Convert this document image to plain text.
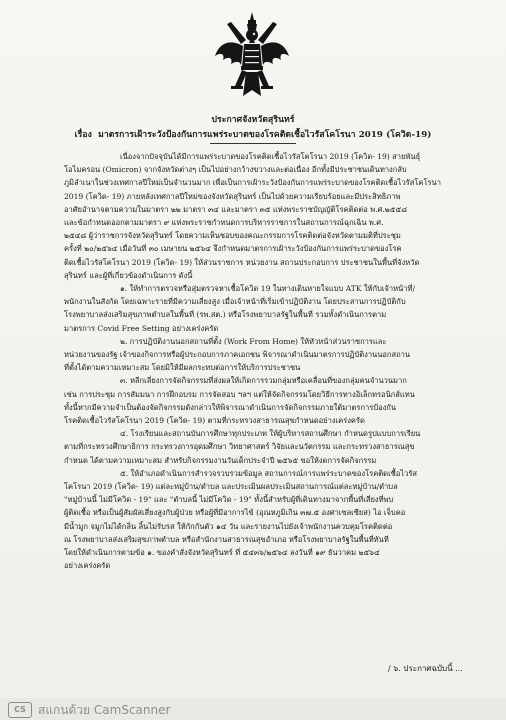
ประกาศจังหวัดสุรินทร์
เรื่อง มาตรการเฝ้าระวังป้องกันการแพร่ระบาดของโรคติดเชื้อไวรัสโคโรนา 2019 (โควิด-19)

เนื่องจากปัจจุบันได้มีการแพร่ระบาดของโรคติดเชื้อไวรัสโคโรนา 2019 (โควิด- 19) สายพันธุ์

โอไมครอน (Omicron) จากจังหวัดต่างๆ เป็นไปอย่างกว้างขวางและต่อเนื่อง อีกทั้งมีประชาชนเดินทางกลับ

ภูมิลำเนาในช่วงเทศกาลปีใหม่เป็นจำนวนมาก เพื่อเป็นการเฝ้าระวังป้องกันการแพร่ระบาดของโรคติดเชื้อไวรัสโคโรนา

2019 (โควิด- 19) ภายหลังเทศกาลปีใหม่ของจังหวัดสุรินทร์ เป็นไปด้วยความเรียบร้อยและมีประสิทธิภาพ

อาศัยอำนาจตามความในมาตรา ๒๒ มาตรา ๓๔ และมาตรา ๓๕ แห่งพระราชบัญญัติโรคติดต่อ พ.ศ.๒๕๕๘

และข้อกำหนดออกตามมาตรา ๙ แห่งพระราชกำหนดการบริหารราชการในสถานการณ์ฉุกเฉิน พ.ศ.

๒๕๔๘ ผู้ว่าราชการจังหวัดสุรินทร์ โดยความเห็นชอบของคณะกรรมการโรคติดต่อจังหวัดตามมติที่ประชุม

ครั้งที่ ๒๐/๒๕๖๔ เมื่อวันที่ ๓๐ เมษายน ๒๕๖๔ จึงกำหนดมาตรการเฝ้าระวังป้องกันการแพร่ระบาดของโรค

ติดเชื้อไวรัสโคโรนา 2019 (โควิด- 19) ให้ส่วนราชการ หน่วยงาน สถานประกอบการ ประชาชนในพื้นที่จังหวัด

สุรินทร์ และผู้ที่เกี่ยวข้องดำเนินการ ดังนี้

๑. ให้ทำการตรวจหรือสุ่มตรวจหาเชื้อโควิด 19 ในทางเดินหายใจแบบ ATK ให้กับเจ้าหน้าที่/

พนักงานในสังกัด โดยเฉพาะรายที่มีความเสี่ยงสูง เมื่อเจ้าหน้าที่เริ่มเข้าปฏิบัติงาน โดยประสานการปฏิบัติกับ

โรงพยาบาลส่งเสริมสุขภาพตำบลในพื้นที่ (รพ.สต.) หรือโรงพยาบาลรัฐในพื้นที่ รวมทั้งดำเนินการตาม

มาตรการ Covid Free Setting อย่างเคร่งครัด

๒. การปฏิบัติงานนอกสถานที่ตั้ง (Work From Home) ให้หัวหน้าส่วนราชการและ

หน่วยงานของรัฐ เจ้าของกิจการหรือผู้ประกอบการภาคเอกชน พิจารณาดำเนินมาตรการปฏิบัติงานนอกสถาน

ที่ตั้งได้ตามความเหมาะสม โดยมิให้มีผลกระทบต่อการให้บริการประชาชน

๓. หลีกเลี่ยงการจัดกิจกรรมที่ส่งผลให้เกิดการรวมกลุ่มหรือเคลื่อนที่ของกลุ่มคนจำนวนมาก

เช่น การประชุม การสัมมนา การฝึกอบรม การจัดสอบ ฯลฯ แต่ให้จัดกิจกรรมโดยวิธีการทางอิเล็กทรอนิกส์แทน

ทั้งนี้หากมีความจำเป็นต้องจัดกิจกรรมดังกล่าวให้พิจารณาดำเนินการจัดกิจกรรมภายใต้มาตรการป้องกัน

โรคติดเชื้อไวรัสโคโรนา 2019 (โควิด- 19) ตามที่กระทรวงสาธารณสุขกำหนดอย่างเคร่งครัด

๔. โรงเรียนและสถานบันการศึกษาทุกประเภท ให้ผู้บริหารสถานศึกษา กำหนดรูปแบบการเรียน

ตามที่กระทรวงศึกษาธิการ กระทรวงการอุดมศึกษา วิทยาศาสตร์ วิจัยและนวัตกรรม และกระทรวงสาธารณสุข

กำหนด ได้ตามความเหมาะสม สำหรับกิจกรรมงานวันเด็กประจำปี ๒๕๖๕ ขอให้งดการจัดกิจกรรม

๕. ให้อำเภอดำเนินการสำรวจรวบรวมข้อมูล สถานการณ์การแพร่ระบาดของโรคติดเชื้อไวรัส

โคโรนา 2019 (โควิด- 19) แต่ละหมู่บ้าน/ตำบล และประเมินผลประเมินสถานการณ์แต่ละหมู่บ้าน/ตำบล

"หมู่บ้านนี้ ไม่มีโควิด - 19" และ "ตำบลนี้ ไม่มีโควิด - 19" ทั้งนี้สำหรับผู้ที่เดินทางมาจากพื้นที่เสี่ยงที่พบ

ผู้ติดเชื้อ หรือเป็นผู้สัมผัสเสี่ยงสูงกับผู้ป่วย หรือผู้ที่มีอาการไข้ (อุณหภูมิเกิน ๓๗.๕ องศาเซลเซียส) ไอ เจ็บคอ

มีน้ำมูก จมูกไม่ได้กลิ่น ลิ้นไม่รับรส ให้กักกันตัว ๑๔ วัน และรายงานไปยังเจ้าพนักงานควบคุมโรคติดต่อ

ณ โรงพยาบาลส่งเสริมสุขภาพตำบล หรือสำนักงานสาธารณสุขอำเภอ หรือโรงพยาบาลรัฐในพื้นที่ทันที

โดยให้ดำเนินการตามข้อ ๑. ของคำสั่งจังหวัดสุรินทร์ ที่ ๕๔๓๖/๒๕๖๔ ลงวันที่ ๑๙ ธันวาคม ๒๕๖๔

อย่างเคร่งครัด

/ ๖. ประกาศฉบับนี้ ...
CS	สแกนด้วย CamScanner
